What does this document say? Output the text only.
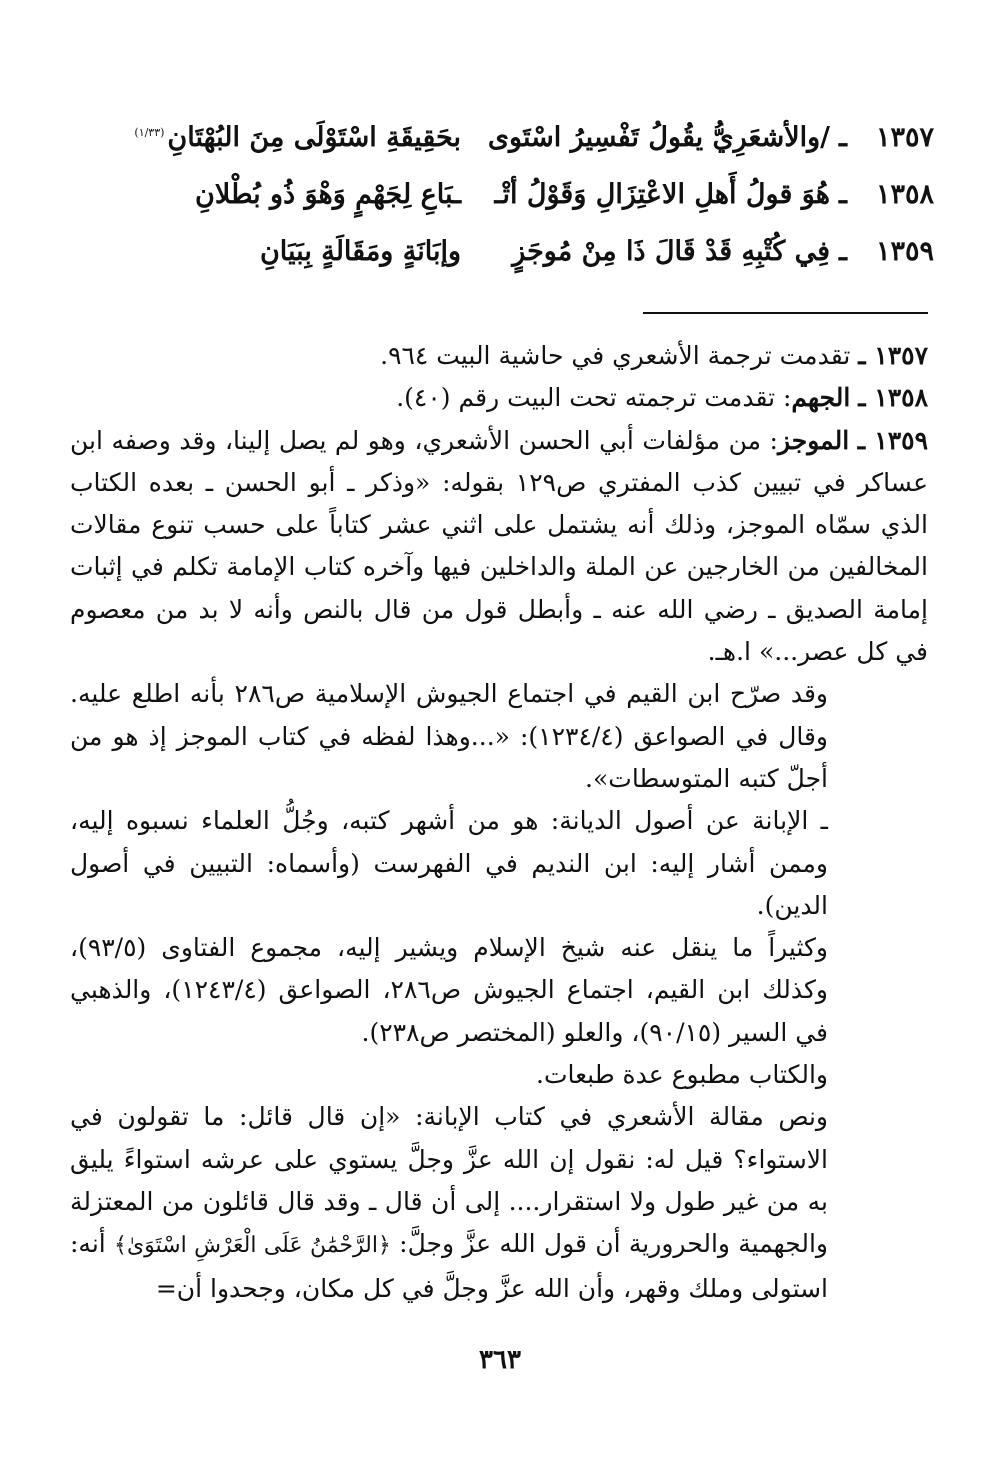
١٣٥٧
ـ
/والأشعَرِيُّ يقُولُ تَفْسِيرُ اسْتَوى
بحَقِيقَةِ اسْتَوْلَى مِنَ البُهْتَانِ$^{(١/٣٣)}$
١٣٥٨
ـ
هُوَ قولُ أَهلِ الاعْتِزَالِ وَقَوْلُ أتْـ
ـبَاعِ لِجَهْمٍ وَهْوَ ذُو بُطْلانِ
١٣٥٩
ـ
فِي كُتْبِهِ قَدْ قَالَ ذَا مِنْ مُوجَزٍ
وإبَانَةٍ ومَقَالَةٍ بِبَيَانِ

١٣٥٧ ـ تقدمت ترجمة الأشعري في حاشية البيت ٩٦٤.

١٣٥٨ ـ الجهم: تقدمت ترجمته تحت البيت رقم (٤٠).

١٣٥٩ ـ الموجز: من مؤلفات أبي الحسن الأشعري، وهو لم يصل إلينا، وقد وصفه ابن عساكر في تبيين كذب المفتري ص١٢٩ بقوله: «وذكر ـ أبو الحسن ـ بعده الكتاب الذي سمّاه الموجز، وذلك أنه يشتمل على اثني عشر كتاباً على حسب تنوع مقالات المخالفين من الخارجين عن الملة والداخلين فيها وآخره كتاب الإمامة تكلم في إثبات إمامة الصديق ـ رضي الله عنه ـ وأبطل قول من قال بالنص وأنه لا بد من معصوم في كل عصر...» ا.هـ.

وقد صرّح ابن القيم في اجتماع الجيوش الإسلامية ص٢٨٦ بأنه اطلع عليه. وقال في الصواعق (١٢٣٤/٤): «...وهذا لفظه في كتاب الموجز إذ هو من أجلّ كتبه المتوسطات».

ـ الإبانة عن أصول الديانة: هو من أشهر كتبه، وجُلُّ العلماء نسبوه إليه، وممن أشار إليه: ابن النديم في الفهرست (وأسماه: التبيين في أصول الدين).

وكثيراً ما ينقل عنه شيخ الإسلام ويشير إليه، مجموع الفتاوى (٩٣/٥)، وكذلك ابن القيم، اجتماع الجيوش ص٢٨٦، الصواعق (١٢٤٣/٤)، والذهبي في السير (٩٠/١٥)، والعلو (المختصر ص٢٣٨).

والكتاب مطبوع عدة طبعات.

ونص مقالة الأشعري في كتاب الإبانة: «إن قال قائل: ما تقولون في الاستواء؟ قيل له: نقول إن الله عزَّ وجلَّ يستوي على عرشه استواءً يليق به من غير طول ولا استقرار.... إلى أن قال ـ وقد قال قائلون من المعتزلة والجهمية والحرورية أن قول الله عزَّ وجلَّ: ﴿الرَّحْمَٰنُ عَلَى الْعَرْشِ اسْتَوَىٰ﴾ أنه: استولى وملك وقهر، وأن الله عزَّ وجلَّ في كل مكان، وجحدوا أن=

٣٦٣
